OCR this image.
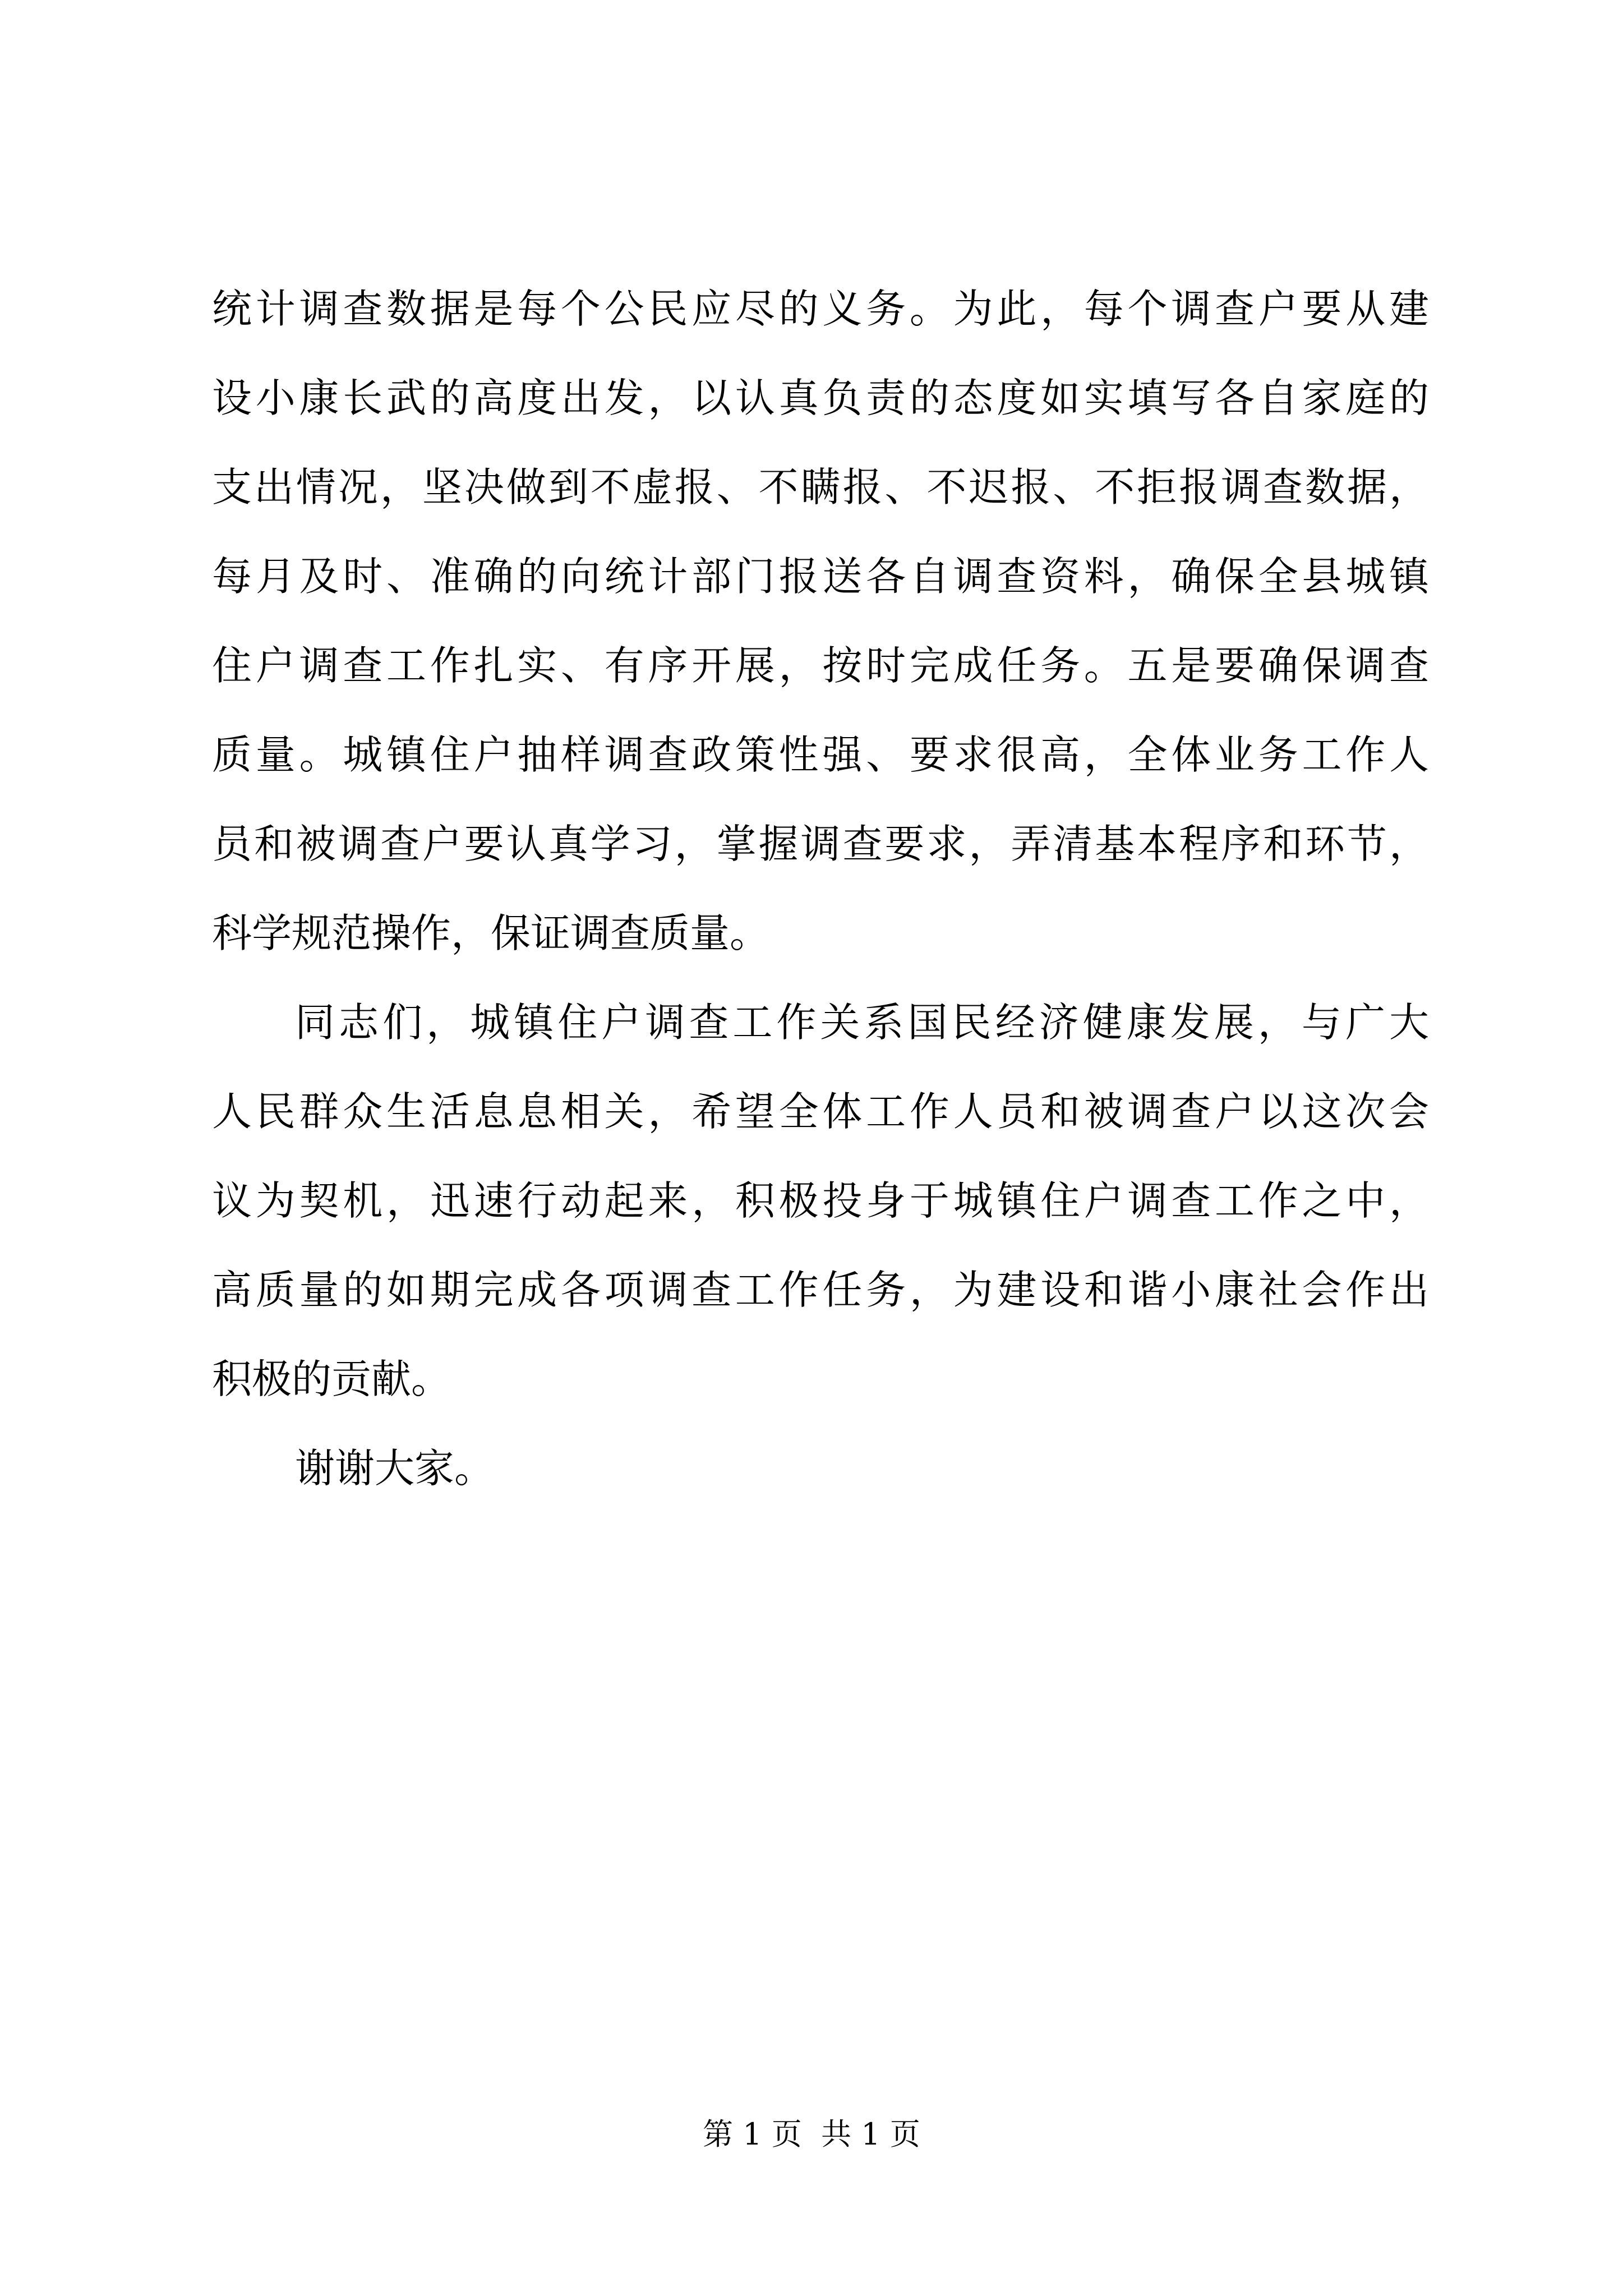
统计调查数据是每个公民应尽的义务。为此，每个调查户要从建
设小康长武的高度出发，以认真负责的态度如实填写各自家庭的
支出情况，坚决做到不虚报、不瞒报、不迟报、不拒报调查数据，
每月及时、准确的向统计部门报送各自调查资料，确保全县城镇
住户调查工作扎实、有序开展，按时完成任务。五是要确保调查
质量。城镇住户抽样调查政策性强、要求很高，全体业务工作人
员和被调查户要认真学习，掌握调查要求，弄清基本程序和环节，
科学规范操作，保证调查质量。
同志们，城镇住户调查工作关系国民经济健康发展，与广大
人民群众生活息息相关，希望全体工作人员和被调查户以这次会
议为契机，迅速行动起来，积极投身于城镇住户调查工作之中，
高质量的如期完成各项调查工作任务，为建设和谐小康社会作出
积极的贡献。
谢谢大家。
第 1 页  共 1 页
